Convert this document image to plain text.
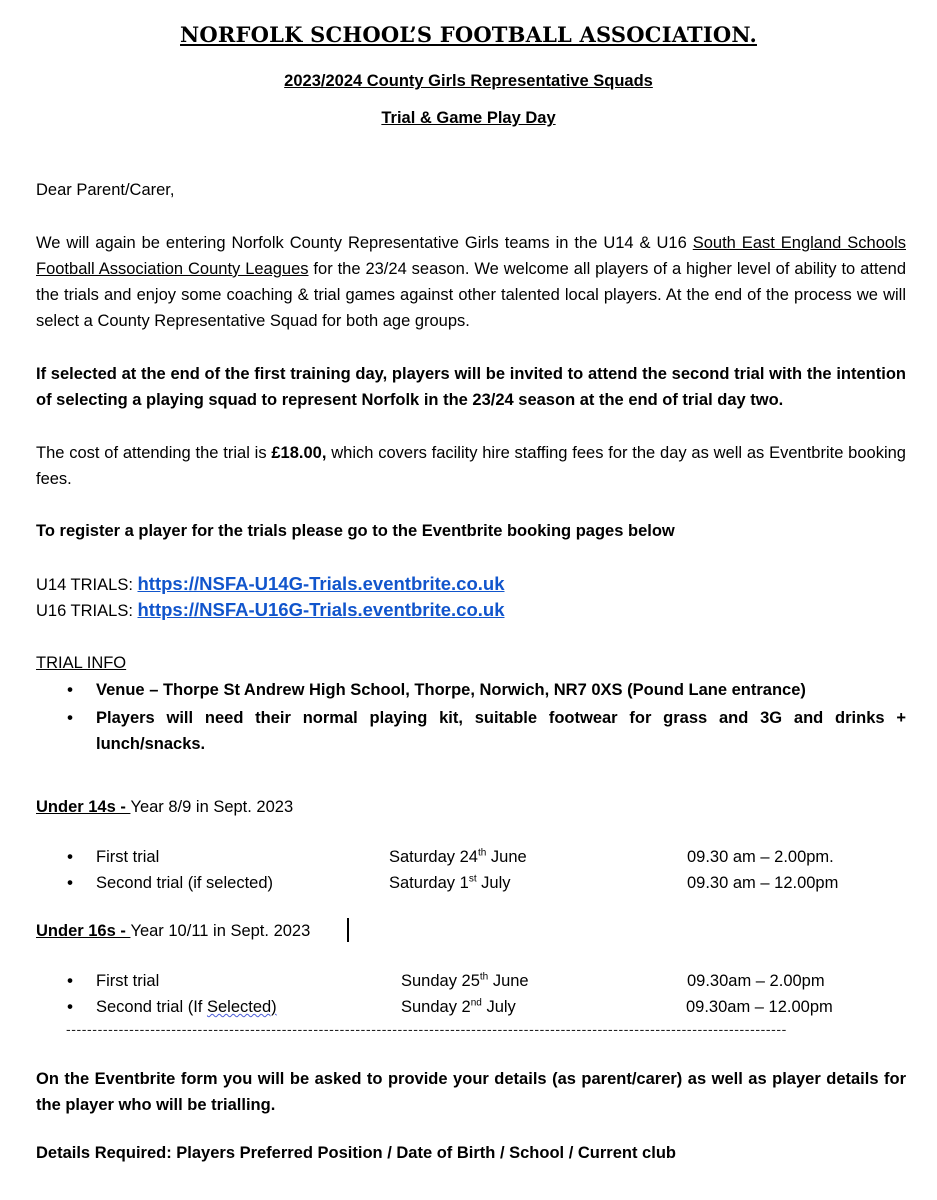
NORFOLK SCHOOL’S FOOTBALL ASSOCIATION.
2023/2024 County Girls Representative Squads
Trial & Game Play Day
Dear Parent/Carer,
We will again be entering Norfolk County Representative Girls teams in the U14 & U16 South East England Schools Football Association County Leagues for the 23/24 season. We welcome all players of a higher level of ability to attend the trials and enjoy some coaching & trial games against other talented local players. At the end of the process we will select a County Representative Squad for both age groups.
If selected at the end of the first training day, players will be invited to attend the second trial with the intention of selecting a playing squad to represent Norfolk in the 23/24 season at the end of trial day two.
The cost of attending the trial is £18.00, which covers facility hire staffing fees for the day as well as Eventbrite booking fees.
To register a player for the trials please go to the Eventbrite booking pages below
U14 TRIALS: https://NSFA-U14G-Trials.eventbrite.co.uk
U16 TRIALS: https://NSFA-U16G-Trials.eventbrite.co.uk
TRIAL INFO
• Venue – Thorpe St Andrew High School, Thorpe, Norwich, NR7 0XS (Pound Lane entrance)
• Players will need their normal playing kit, suitable footwear for grass and 3G and drinks + lunch/snacks.
Under 14s - Year 8/9 in Sept. 2023
• First trial	Saturday 24th June	09.30 am – 2.00pm.
• Second trial (if selected)	Saturday 1st July	09.30 am – 12.00pm
Under 16s - Year 10/11 in Sept. 2023
• First trial	Sunday 25th June	09.30am – 2.00pm
• Second trial (If Selected)	Sunday 2nd July	09.30am – 12.00pm
-----------------------------------------------------------------------------------------------------------------------------------------
On the Eventbrite form you will be asked to provide your details (as parent/carer) as well as player details for the player who will be trialling.
Details Required: Players Preferred Position / Date of Birth / School / Current club
